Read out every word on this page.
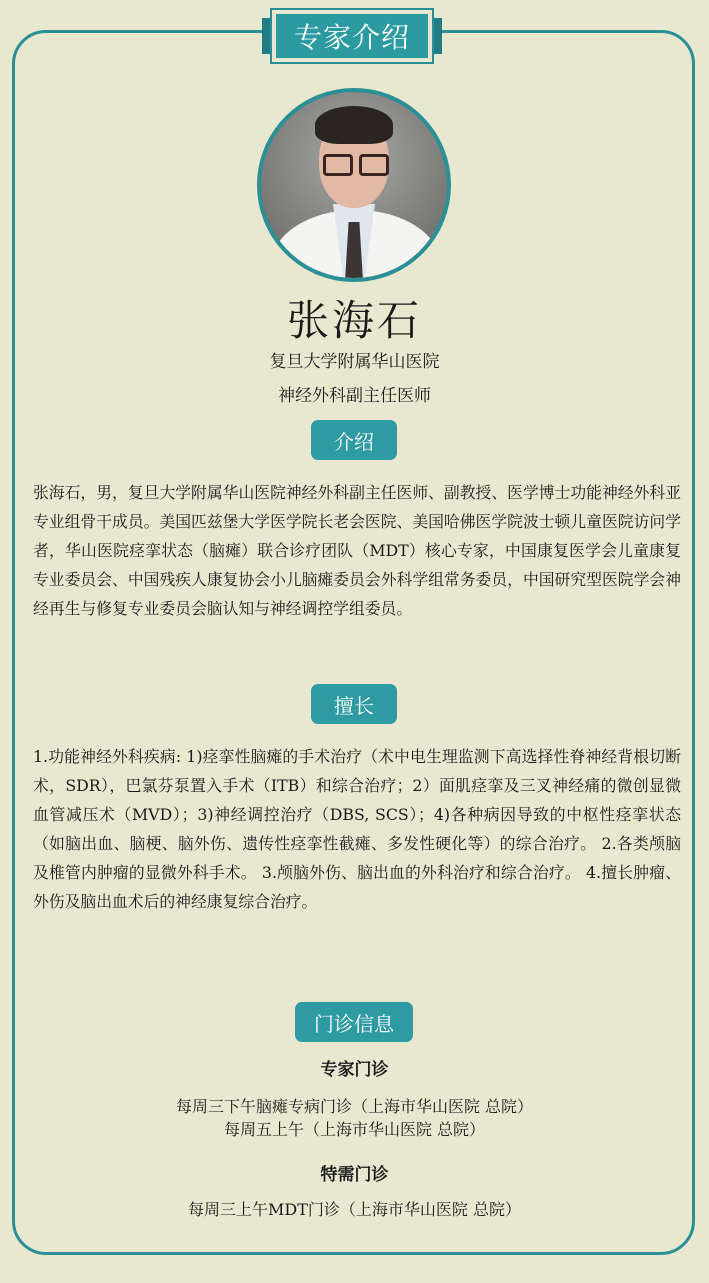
专家介绍
张海石
复旦大学附属华山医院
神经外科副主任医师
介绍
张海石，男，复旦大学附属华山医院神经外科副主任医师、副教授、医学博士功能神经外科亚专业组骨干成员。美国匹兹堡大学医学院长老会医院、美国哈佛医学院波士顿儿童医院访问学者，华山医院痉挛状态（脑瘫）联合诊疗团队（MDT）核心专家，中国康复医学会儿童康复专业委员会、中国残疾人康复协会小儿脑瘫委员会外科学组常务委员，中国研究型医院学会神经再生与修复专业委员会脑认知与神经调控学组委员。
擅长
1.功能神经外科疾病: 1)痉挛性脑瘫的手术治疗（术中电生理监测下高选择性脊神经背根切断术，SDR），巴氯芬泵置入手术（ITB）和综合治疗；2）面肌痉挛及三叉神经痛的微创显微血管减压术（MVD）；3)神经调控治疗（DBS, SCS）；4)各种病因导致的中枢性痉挛状态（如脑出血、脑梗、脑外伤、遗传性痉挛性截瘫、多发性硬化等）的综合治疗。 2.各类颅脑及椎管内肿瘤的显微外科手术。 3.颅脑外伤、脑出血的外科治疗和综合治疗。 4.擅长肿瘤、外伤及脑出血术后的神经康复综合治疗。
门诊信息
专家门诊
每周三下午脑瘫专病门诊（上海市华山医院 总院）
每周五上午（上海市华山医院 总院）
特需门诊
每周三上午MDT门诊（上海市华山医院 总院）
